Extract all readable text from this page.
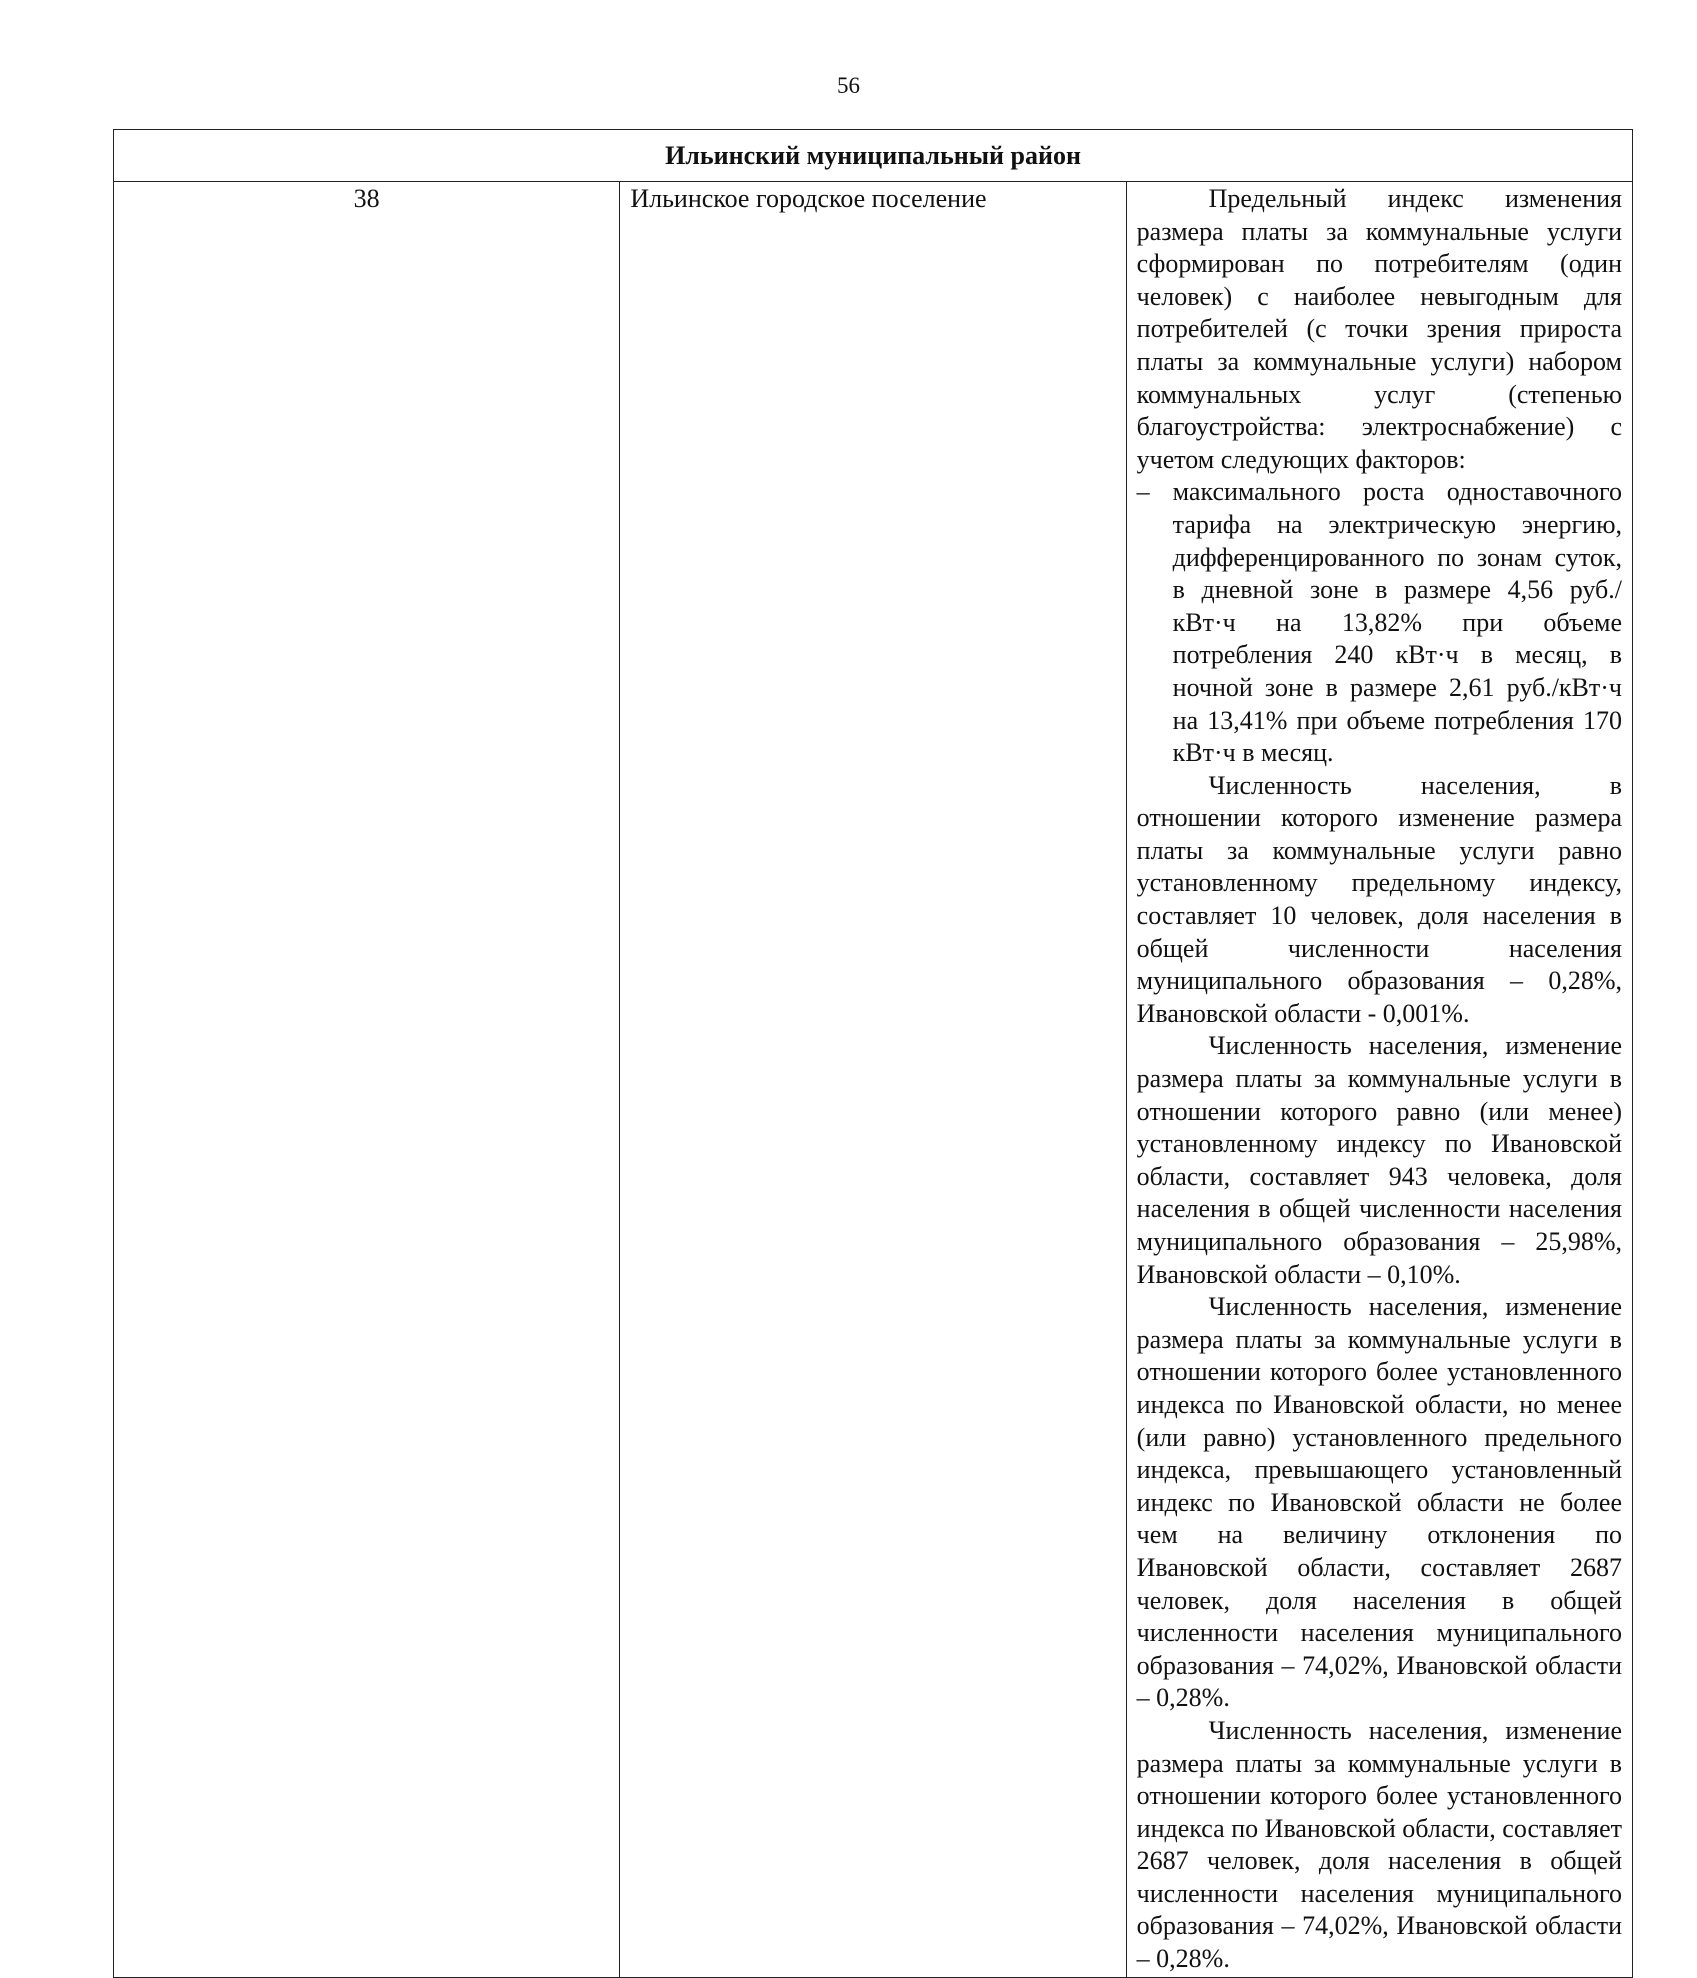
56
Ильинский муниципальный район
38	Ильинское городское поселение	Предельный индекс изменения размера платы за коммунальные услуги сформирован по потребителям (один человек) с наиболее невыгодным для потребителей (с точки зрения прироста платы за коммунальные услуги) набором коммунальных услуг (степенью благоустройства: электроснабжение) с учетом следующих факторов:

– максимального роста одноставочного тарифа на электрическую энергию, дифференцированного по зонам суток, в дневной зоне в размере 4,56 руб./кВт·ч на 13,82% при объеме потребления 240 кВт·ч в месяц, в ночной зоне в размере 2,61 руб./кВт·ч на 13,41% при объеме потребления 170 кВт·ч в месяц.

Численность населения, в отношении которого изменение размера платы за коммунальные услуги равно установленному предельному индексу, составляет 10 человек, доля населения в общей численности населения муниципального образования – 0,28%, Ивановской области - 0,001%.

Численность населения, изменение размера платы за коммунальные услуги в отношении которого равно (или менее) установленному индексу по Ивановской области, составляет 943 человека, доля населения в общей численности населения муниципального образования – 25,98%, Ивановской области – 0,10%.

Численность населения, изменение размера платы за коммунальные услуги в отношении которого более установленного индекса по Ивановской области, но менее (или равно) установленного предельного индекса, превышающего установленный индекс по Ивановской области не более чем на величину отклонения по Ивановской области, составляет 2687 человек, доля населения в общей численности населения муниципального образования – 74,02%, Ивановской области – 0,28%.

Численность населения, изменение размера платы за коммунальные услуги в отношении которого более установленного индекса по Ивановской области, составляет 2687 человек, доля населения в общей численности населения муниципального образования – 74,02%, Ивановской области – 0,28%.
